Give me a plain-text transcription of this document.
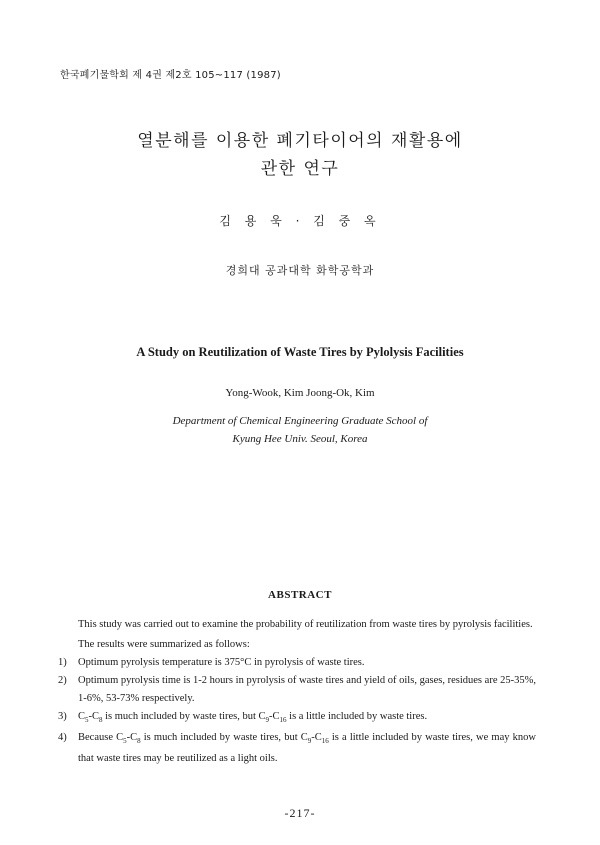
한국폐기물학회 제 4권 제2호 105~117 (1987)
열분해를 이용한 폐기타이어의 재활용에
관한 연구
김 용 욱 · 김 중 옥
경희대 공과대학 화학공학과
A Study on Reutilization of Waste Tires by Pylolysis Facilities
Yong-Wook, Kim Joong-Ok, Kim
Department of Chemical Engineering Graduate School of
Kyung Hee Univ. Seoul, Korea
ABSTRACT

This study was carried out to examine the probability of reutilization from waste tires by pyrolysis facilities.

The results were summarized as follows:

1) Optimum pyrolysis temperature is 375°C in pyrolysis of waste tires.
2) Optimum pyrolysis time is 1-2 hours in pyrolysis of waste tires and yield of oils, gases, residues are 25-35%, 1-6%, 53-73% respectively.
3) $C_5-C_8$ is much included by waste tires, but $C_9-C_{16}$ is a little included by waste tires.
4) Because $C_5-C_8$ is much included by waste tires, but $C_9-C_{16}$ is a little included by waste tires, we may know that waste tires may be reutilized as a light oils.
-217-
